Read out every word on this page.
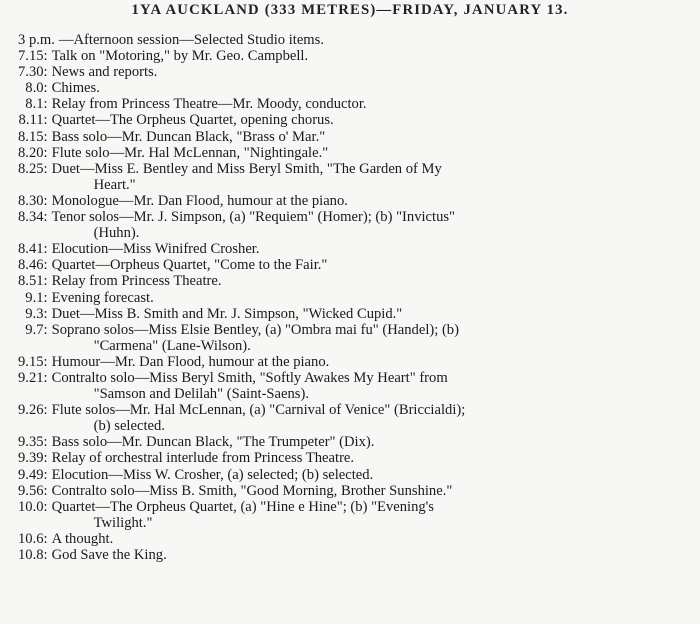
1YA AUCKLAND (333 METRES)—FRIDAY, JANUARY 13.
3 p.m. —Afternoon session—Selected Studio items.
7.15 : Talk on "Motoring," by Mr. Geo. Campbell.
7.30 : News and reports.
8.0 : Chimes.
8.1 : Relay from Princess Theatre—Mr. Moody, conductor.
8.11 : Quartet—The Orpheus Quartet, opening chorus.
8.15 : Bass solo—Mr. Duncan Black, "Brass o' Mar."
8.20 : Flute solo—Mr. Hal McLennan, "Nightingale."
8.25 : Duet—Miss E. Bentley and Miss Beryl Smith, "The Garden of My
Heart."
8.30 : Monologue—Mr. Dan Flood, humour at the piano.
8.34 : Tenor solos—Mr. J. Simpson, (a) "Requiem" (Homer); (b) "Invictus"
(Huhn).
8.41 : Elocution—Miss Winifred Crosher.
8.46 : Quartet—Orpheus Quartet, "Come to the Fair."
8.51 : Relay from Princess Theatre.
9.1 : Evening forecast.
9.3 : Duet—Miss B. Smith and Mr. J. Simpson, "Wicked Cupid."
9.7 : Soprano solos—Miss Elsie Bentley, (a) "Ombra mai fu" (Handel); (b)
"Carmena" (Lane-Wilson).
9.15 : Humour—Mr. Dan Flood, humour at the piano.
9.21 : Contralto solo—Miss Beryl Smith, "Softly Awakes My Heart" from
"Samson and Delilah" (Saint-Saens).
9.26 : Flute solos—Mr. Hal McLennan, (a) "Carnival of Venice" (Briccialdi);
(b) selected.
9.35 : Bass solo—Mr. Duncan Black, "The Trumpeter" (Dix).
9.39 : Relay of orchestral interlude from Princess Theatre.
9.49 : Elocution—Miss W. Crosher, (a) selected; (b) selected.
9.56 : Contralto solo—Miss B. Smith, "Good Morning, Brother Sunshine."
10.0 : Quartet—The Orpheus Quartet, (a) "Hine e Hine"; (b) "Evening's
Twilight."
10.6 : A thought.
10.8 : God Save the King.
